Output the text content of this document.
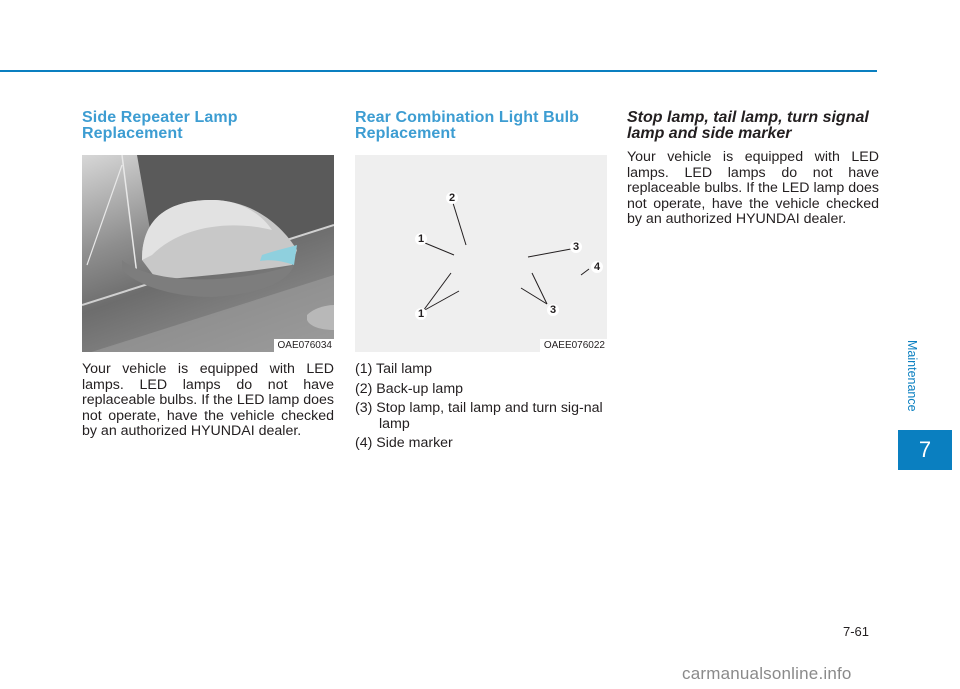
Side Repeater Lamp Replacement
OAE076034

Your vehicle is equipped with LED lamps. LED lamps do not have replaceable bulbs. If the LED lamp does not operate, have the vehicle checked by an authorized HYUNDAI dealer.

Rear Combination Light Bulb Replacement
2
1
3
4
1	3
OAEE076022
(1) Tail lamp
(2) Back-up lamp
(3) Stop lamp, tail lamp and turn sig-nal lamp
(4) Side marker
Stop lamp, tail lamp, turn signal lamp and side marker

Your vehicle is equipped with LED lamps. LED lamps do not have replaceable bulbs. If the LED lamp does not operate, have the vehicle checked by an authorized HYUNDAI dealer.

Maintenance
7
7-61
carmanualsonline.info
